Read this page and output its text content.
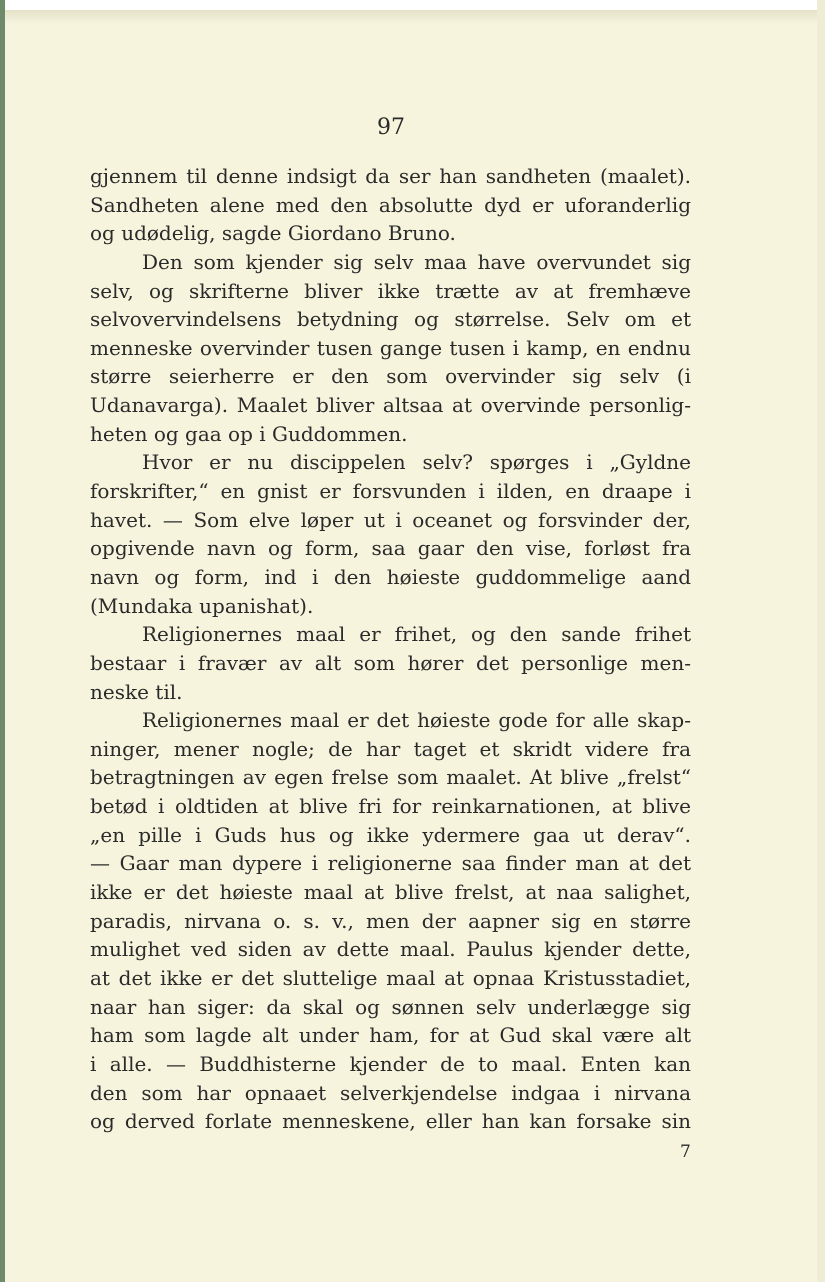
97
gjennem til denne indsigt da ser han sandheten (maalet).
Sandheten alene med den absolutte dyd er uforanderlig
og udødelig, sagde Giordano Bruno.
Den som kjender sig selv maa have overvundet sig
selv, og skrifterne bliver ikke trætte av at fremhæve
selvovervindelsens betydning og størrelse. Selv om et
menneske overvinder tusen gange tusen i kamp, en endnu
større seierherre er den som overvinder sig selv (i
Udanavarga). Maalet bliver altsaa at overvinde personlig-
heten og gaa op i Guddommen.
Hvor er nu discippelen selv? spørges i „Gyldne
forskrifter,“ en gnist er forsvunden i ilden, en draape i
havet. — Som elve løper ut i oceanet og forsvinder der,
opgivende navn og form, saa gaar den vise, forløst fra
navn og form, ind i den høieste guddommelige aand
(Mundaka upanishat).
Religionernes maal er frihet, og den sande frihet
bestaar i fravær av alt som hører det personlige men-
neske til.
Religionernes maal er det høieste gode for alle skap-
ninger, mener nogle; de har taget et skridt videre fra
betragtningen av egen frelse som maalet. At blive „frelst“
betød i oldtiden at blive fri for reinkarnationen, at blive
„en pille i Guds hus og ikke ydermere gaa ut derav“.
— Gaar man dypere i religionerne saa finder man at det
ikke er det høieste maal at blive frelst, at naa salighet,
paradis, nirvana o. s. v., men der aapner sig en større
mulighet ved siden av dette maal. Paulus kjender dette,
at det ikke er det sluttelige maal at opnaa Kristusstadiet,
naar han siger: da skal og sønnen selv underlægge sig
ham som lagde alt under ham, for at Gud skal være alt
i alle. — Buddhisterne kjender de to maal. Enten kan
den som har opnaaet selverkjendelse indgaa i nirvana
og derved forlate menneskene, eller han kan forsake sin
7
